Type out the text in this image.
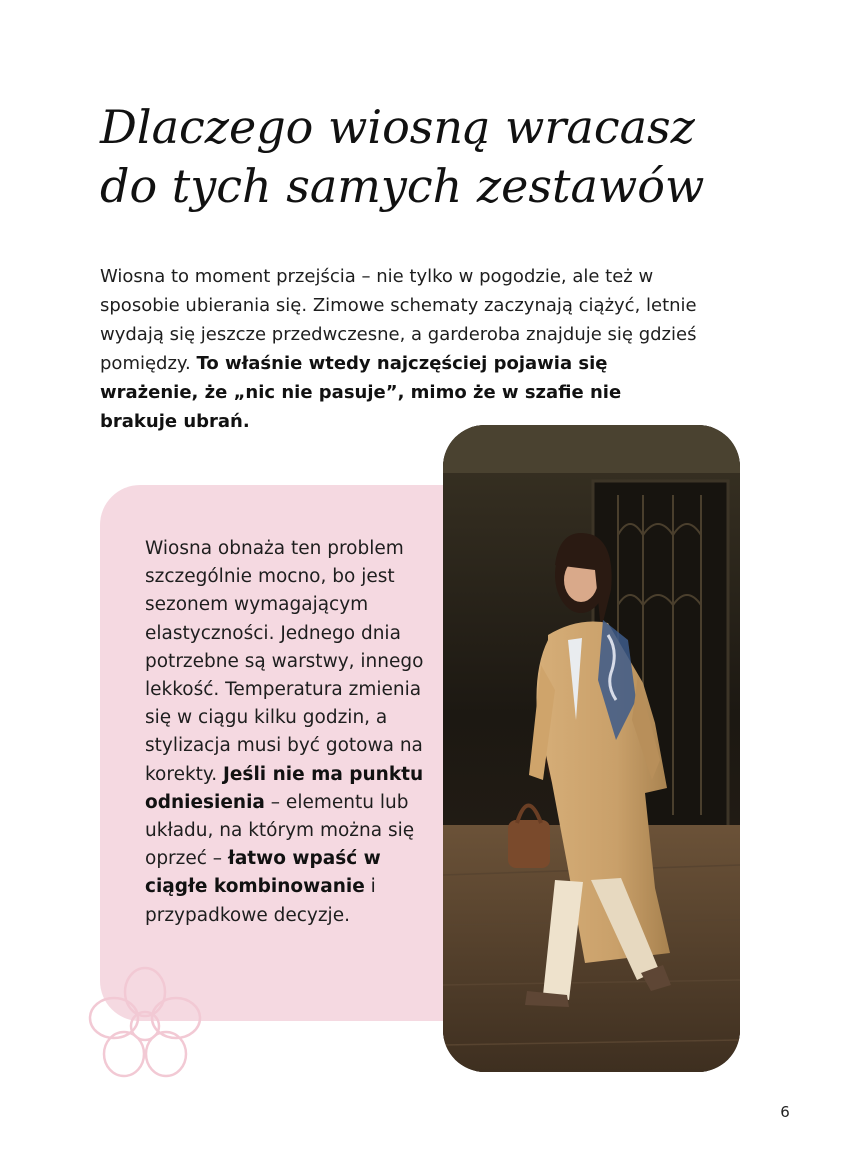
Dlaczego wiosną wracasz
do tych samych zestawów

Wiosna to moment przejścia – nie tylko w pogodzie, ale też w sposobie ubierania się. Zimowe schematy zaczynają ciążyć, letnie wydają się jeszcze przedwczesne, a garderoba znajduje się gdzieś pomiędzy. To właśnie wtedy najczęściej pojawia się wrażenie, że „nic nie pasuje”, mimo że w szafie nie brakuje ubrań.

Wiosna obnaża ten problem szczególnie mocno, bo jest sezonem wymagającym elastyczności. Jednego dnia potrzebne są warstwy, innego lekkość. Temperatura zmienia się w ciągu kilku godzin, a stylizacja musi być gotowa na korekty. Jeśli nie ma punktu odniesienia – elementu lub układu, na którym można się oprzeć – łatwo wpaść w ciągłe kombinowanie i przypadkowe decyzje.

6
